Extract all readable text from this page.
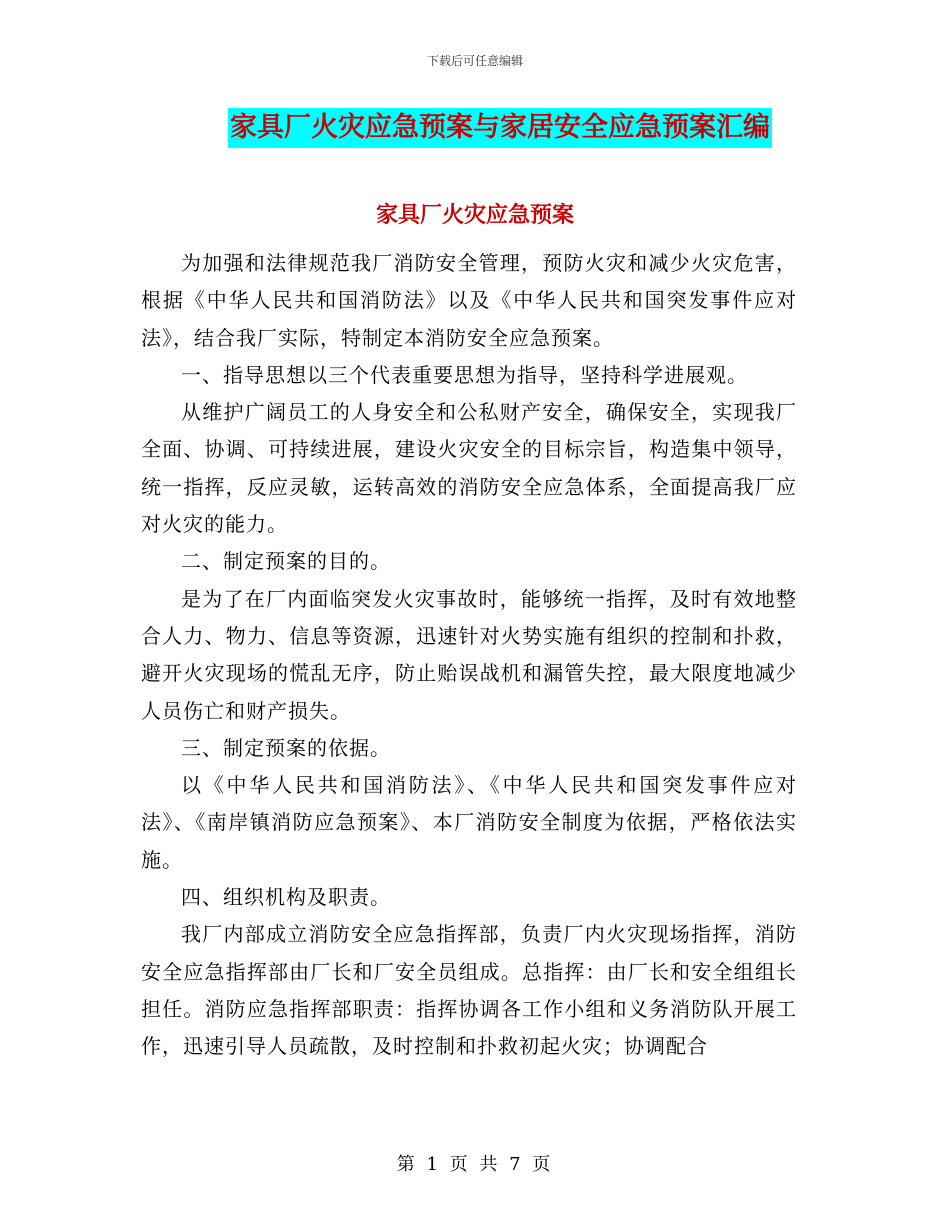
下载后可任意编辑
家具厂火灾应急预案与家居安全应急预案汇编
家具厂火灾应急预案

为加强和法律规范我厂消防安全管理，预防火灾和减少火灾危害，根据《中华人民共和国消防法》以及《中华人民共和国突发事件应对法》，结合我厂实际，特制定本消防安全应急预案。

一、指导思想以三个代表重要思想为指导，坚持科学进展观。

从维护广阔员工的人身安全和公私财产安全，确保安全，实现我厂全面、协调、可持续进展，建设火灾安全的目标宗旨，构造集中领导，统一指挥，反应灵敏，运转高效的消防安全应急体系，全面提高我厂应对火灾的能力。

二、制定预案的目的。

是为了在厂内面临突发火灾事故时，能够统一指挥，及时有效地整合人力、物力、信息等资源，迅速针对火势实施有组织的控制和扑救，避开火灾现场的慌乱无序，防止贻误战机和漏管失控，最大限度地减少人员伤亡和财产损失。

三、制定预案的依据。

以《中华人民共和国消防法》、《中华人民共和国突发事件应对法》、《南岸镇消防应急预案》、本厂消防安全制度为依据，严格依法实施。

四、组织机构及职责。

我厂内部成立消防安全应急指挥部，负责厂内火灾现场指挥，消防安全应急指挥部由厂长和厂安全员组成。总指挥：由厂长和安全组组长担任。消防应急指挥部职责：指挥协调各工作小组和义务消防队开展工作，迅速引导人员疏散，及时控制和扑救初起火灾；协调配合

第 1 页 共 7 页
